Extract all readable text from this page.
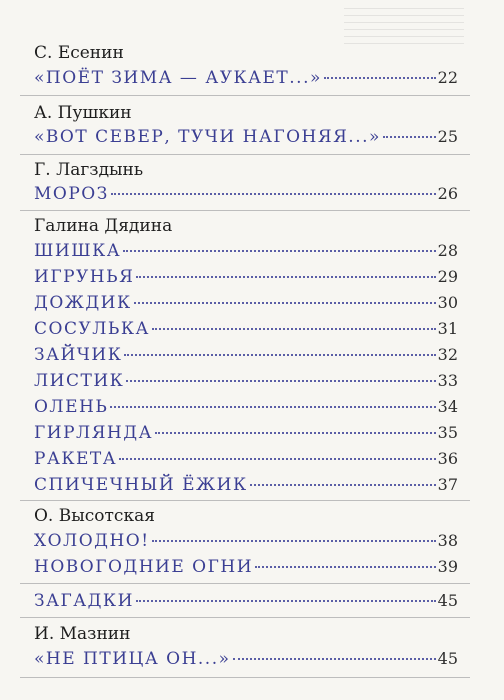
С. Есенин
«ПОЁТ ЗИМА — АУКАЕТ...»	22
А. Пушкин
«ВОТ СЕВЕР, ТУЧИ НАГОНЯЯ...»	25
Г. Лагздынь
МОРОЗ	26
Галина Дядина
ШИШКА	28
ИГРУНЬЯ	29
ДОЖДИК	30
СОСУЛЬКА	31
ЗАЙЧИК	32
ЛИСТИК	33
ОЛЕНЬ	34
ГИРЛЯНДА	35
РАКЕТА	36
СПИЧЕЧНЫЙ ЁЖИК	37
О. Высотская
ХОЛОДНО!	38
НОВОГОДНИЕ ОГНИ	39
ЗАГАДКИ	45
И. Мазнин
«НЕ ПТИЦА ОН...»	45
